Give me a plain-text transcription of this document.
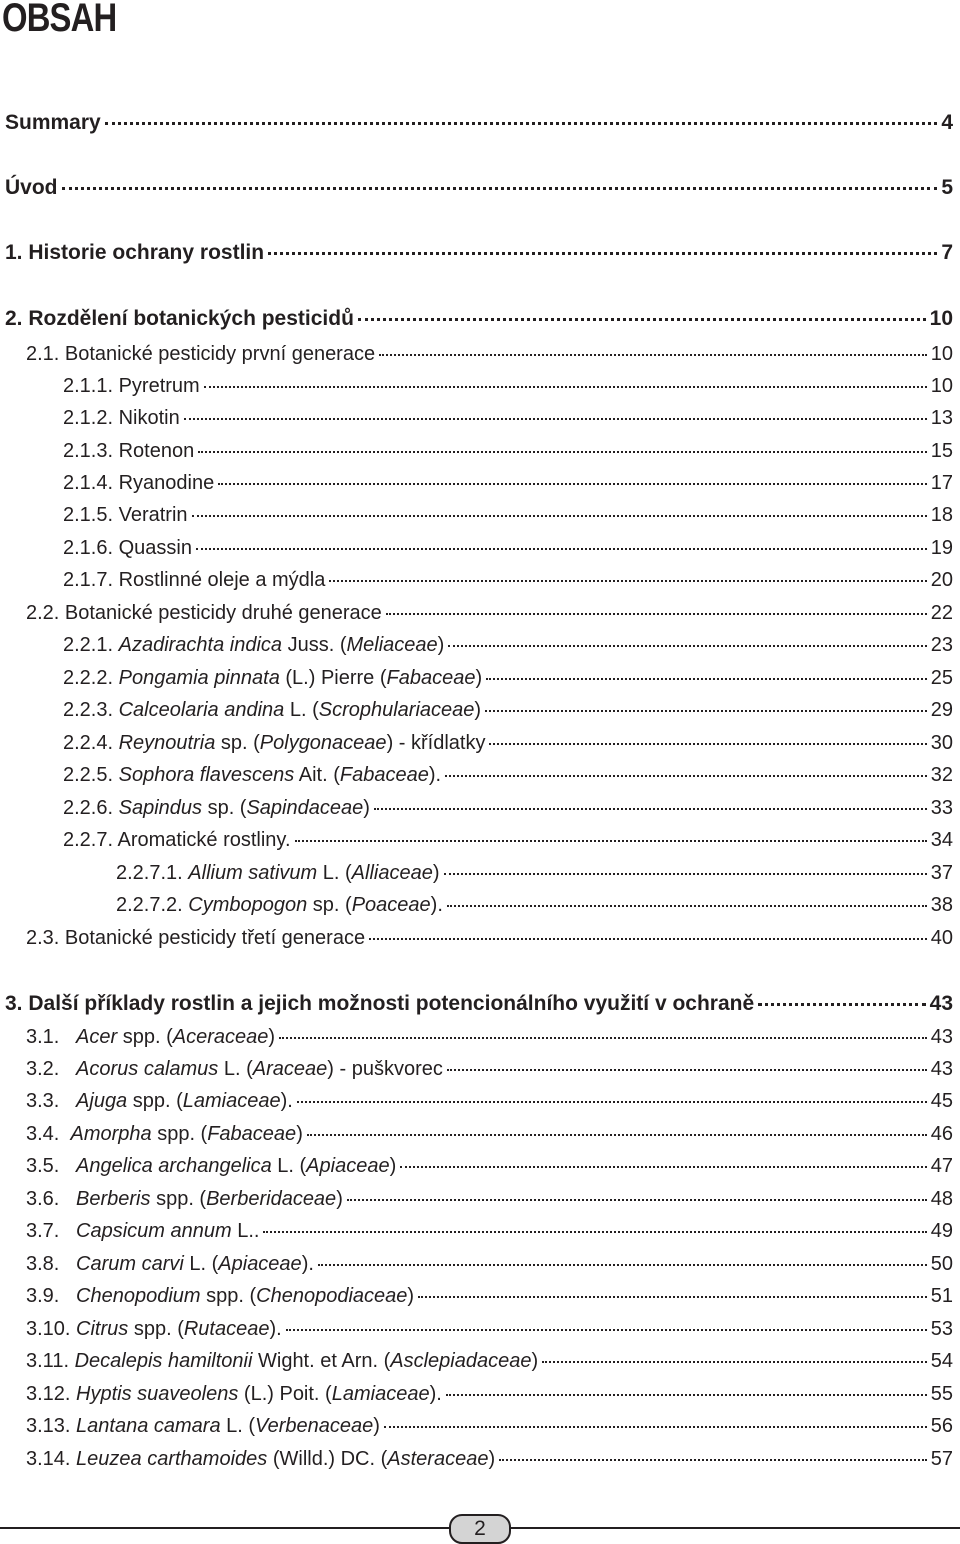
OBSAH
Summary	4
Úvod	5
1. Historie ochrany rostlin	7
2. Rozdělení botanických pesticidů	10
2.1. Botanické pesticidy první generace	10
2.1.1. Pyretrum	10
2.1.2. Nikotin	13
2.1.3. Rotenon	15
2.1.4. Ryanodine	17
2.1.5. Veratrin	18
2.1.6. Quassin	19
2.1.7. Rostlinné oleje a mýdla	20
2.2. Botanické pesticidy druhé generace	22
2.2.1. Azadirachta indica Juss. (Meliaceae)	23
2.2.2. Pongamia pinnata (L.) Pierre (Fabaceae)	25
2.2.3. Calceolaria andina L. (Scrophulariaceae)	29
2.2.4. Reynoutria sp. (Polygonaceae) - křídlatky	30
2.2.5. Sophora flavescens Ait. (Fabaceae).	32
2.2.6. Sapindus sp. (Sapindaceae)	33
2.2.7. Aromatické rostliny.	34
2.2.7.1. Allium sativum L. (Alliaceae)	37
2.2.7.2. Cymbopogon sp. (Poaceae).	38
2.3. Botanické pesticidy třetí generace	40
3. Další příklady rostlin a jejich možnosti potencionálního využití v ochraně	43
3.1.   Acer spp. (Aceraceae)	43
3.2.   Acorus calamus L. (Araceae) - puškvorec	43
3.3.   Ajuga spp. (Lamiaceae).	45
3.4.  Amorpha spp. (Fabaceae)	46
3.5.   Angelica archangelica L. (Apiaceae)	47
3.6.   Berberis spp. (Berberidaceae)	48
3.7.   Capsicum annum L..	49
3.8.   Carum carvi L. (Apiaceae).	50
3.9.   Chenopodium spp. (Chenopodiaceae)	51
3.10. Citrus spp. (Rutaceae).	53
3.11. Decalepis hamiltonii Wight. et Arn. (Asclepiadaceae)	54
3.12. Hyptis suaveolens (L.) Poit. (Lamiaceae).	55
3.13. Lantana camara L. (Verbenaceae)	56
3.14. Leuzea carthamoides (Willd.) DC. (Asteraceae)	57
2
